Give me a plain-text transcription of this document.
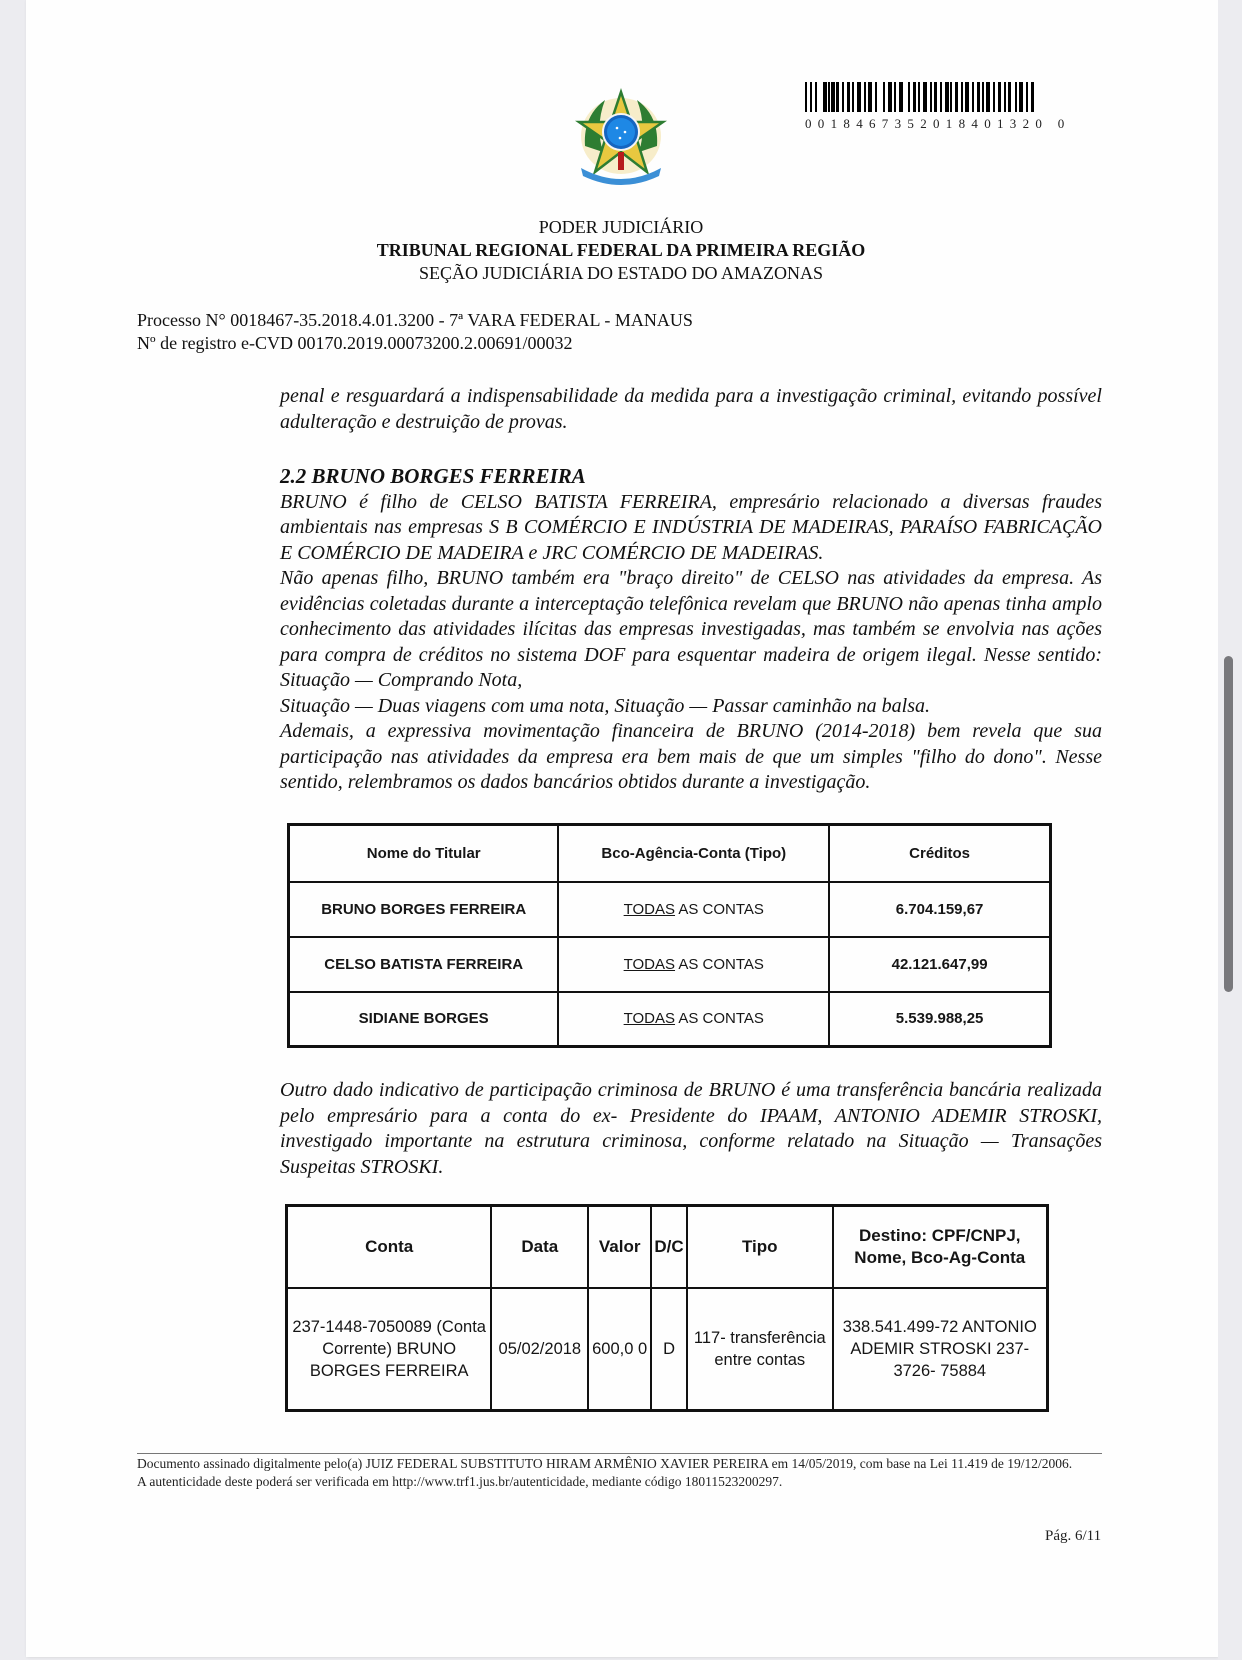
0018467352018401320 0
PODER JUDICIÁRIO
TRIBUNAL REGIONAL FEDERAL DA PRIMEIRA REGIÃO
SEÇÃO JUDICIÁRIA DO ESTADO DO AMAZONAS
Processo N° 0018467-35.2018.4.01.3200 - 7ª VARA FEDERAL - MANAUS
Nº de registro e-CVD 00170.2019.00073200.2.00691/00032

penal e resguardará a indispensabilidade da medida para a investigação criminal, evitando possível adulteração e destruição de provas.

2.2 BRUNO BORGES FERREIRA

BRUNO é filho de CELSO BATISTA FERREIRA, empresário relacionado a diversas fraudes ambientais nas empresas S B COMÉRCIO E INDÚSTRIA DE MADEIRAS, PARAÍSO FABRICAÇÃO E COMÉRCIO DE MADEIRA e JRC COMÉRCIO DE MADEIRAS.

Não apenas filho, BRUNO também era "braço direito" de CELSO nas atividades da empresa. As evidências coletadas durante a interceptação telefônica revelam que BRUNO não apenas tinha amplo conhecimento das atividades ilícitas das empresas investigadas, mas também se envolvia nas ações para compra de créditos no sistema DOF para esquentar madeira de origem ilegal. Nesse sentido: Situação — Comprando Nota,

Situação — Duas viagens com uma nota, Situação — Passar caminhão na balsa.

Ademais, a expressiva movimentação financeira de BRUNO (2014-2018) bem revela que sua participação nas atividades da empresa era bem mais de que um simples "filho do dono". Nesse sentido, relembramos os dados bancários obtidos durante a investigação.

Nome do Titular	Bco-Agência-Conta (Tipo)	Créditos
BRUNO BORGES FERREIRA	TODAS AS CONTAS	6.704.159,67
CELSO BATISTA FERREIRA	TODAS AS CONTAS	42.121.647,99
SIDIANE BORGES	TODAS AS CONTAS	5.539.988,25

Outro dado indicativo de participação criminosa de BRUNO é uma transferência bancária realizada pelo empresário para a conta do ex- Presidente do IPAAM, ANTONIO ADEMIR STROSKI, investigado importante na estrutura criminosa, conforme relatado na Situação — Transações Suspeitas STROSKI.

Conta	Data	Valor	D/C	Tipo	Destino: CPF/CNPJ, Nome, Bco-Ag-Conta
237-1448-7050089 (Conta Corrente) BRUNO BORGES FERREIRA	05/02/2018	600,0 0	D	117- transferência entre contas	338.541.499-72 ANTONIO ADEMIR STROSKI 237-3726- 75884
Documento assinado digitalmente pelo(a) JUIZ FEDERAL SUBSTITUTO HIRAM ARMÊNIO XAVIER PEREIRA em 14/05/2019, com base na Lei 11.419 de 19/12/2006.
A autenticidade deste poderá ser verificada em http://www.trf1.jus.br/autenticidade, mediante código 18011523200297.
Pág. 6/11
